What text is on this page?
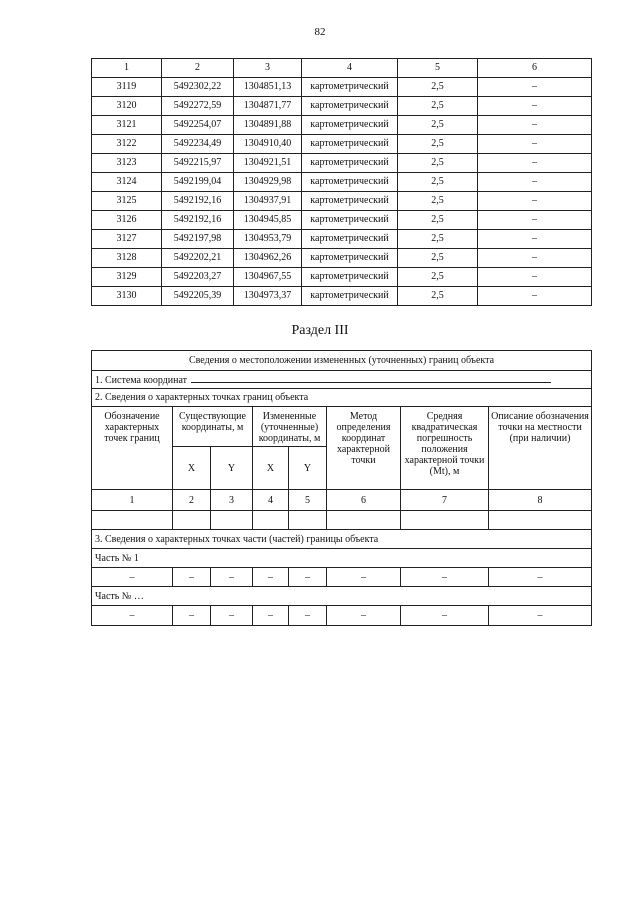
82
1	2	3	4	5	6
3119	5492302,22	1304851,13	картометрический	2,5	–
3120	5492272,59	1304871,77	картометрический	2,5	–
3121	5492254,07	1304891,88	картометрический	2,5	–
3122	5492234,49	1304910,40	картометрический	2,5	–
3123	5492215,97	1304921,51	картометрический	2,5	–
3124	5492199,04	1304929,98	картометрический	2,5	–
3125	5492192,16	1304937,91	картометрический	2,5	–
3126	5492192,16	1304945,85	картометрический	2,5	–
3127	5492197,98	1304953,79	картометрический	2,5	–
3128	5492202,21	1304962,26	картометрический	2,5	–
3129	5492203,27	1304967,55	картометрический	2,5	–
3130	5492205,39	1304973,37	картометрический	2,5	–
Раздел III
Сведения о местоположении измененных (уточненных) границ объекта							
1. Система координат							
2. Сведения о характерных точках границ объекта							
Обозначение характерных точек границ	Существующие координаты, м		Измененные (уточненные) координаты, м		Метод определения координат характерной точки	Средняя квадратическая погрешность положения характерной точки (Mt), м	Описание обозначения точки на местности (при наличии)
	X	Y	X	Y			
1	2	3	4	5	6	7	8

3. Сведения о характерных точках части (частей) границы объекта							
Часть № 1							
–	–	–	–	–	–	–	–
Часть № …							
–	–	–	–	–	–	–	–
